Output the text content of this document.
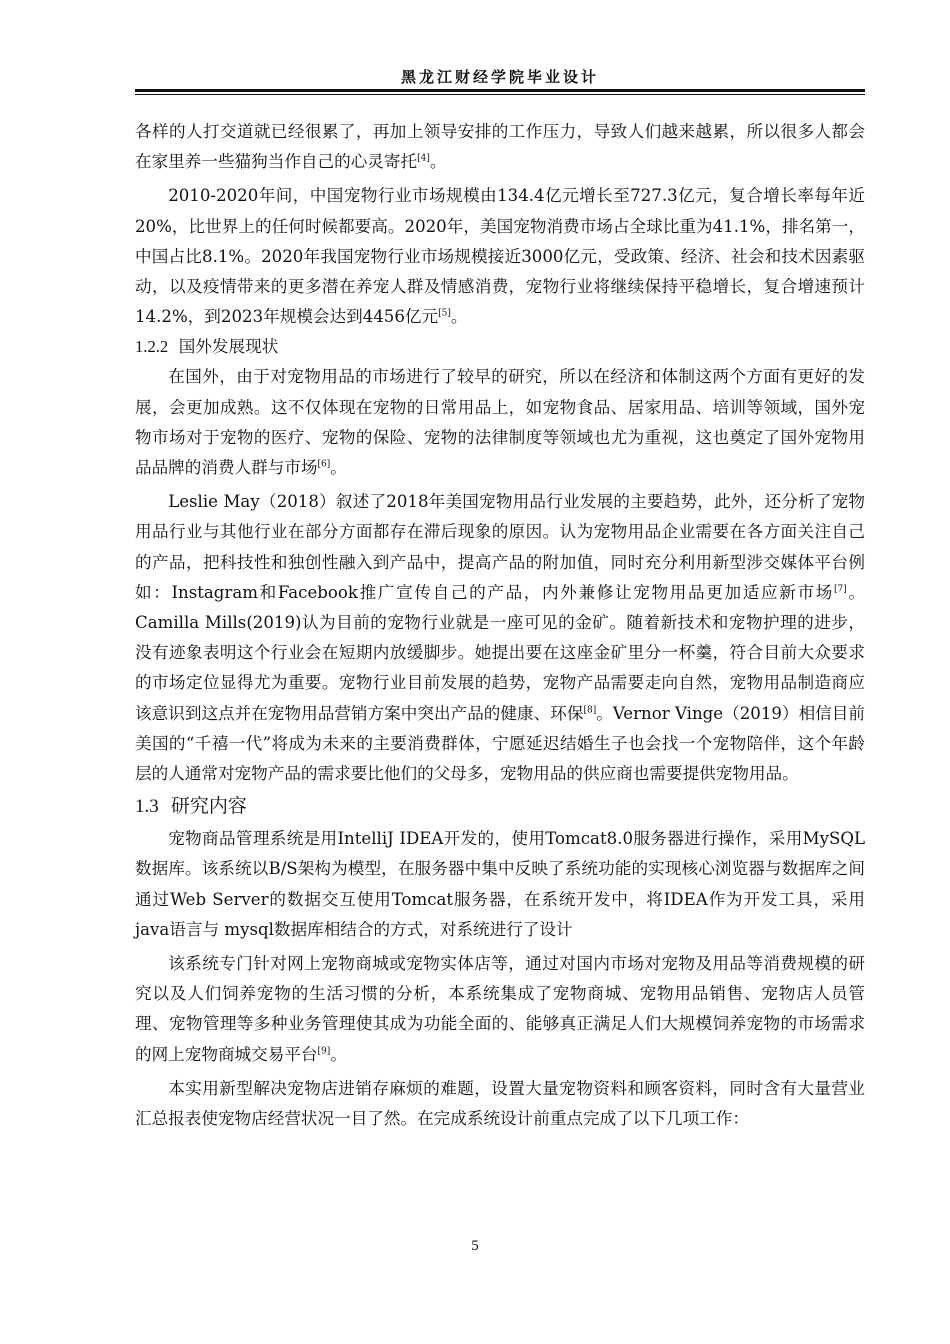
黑龙江财经学院毕业设计

各样的人打交道就已经很累了，再加上领导安排的工作压力，导致人们越来越累，所以很多人都会在家里养一些猫狗当作自己的心灵寄托[4]。

2010-2020年间，中国宠物行业市场规模由134.4亿元增长至727.3亿元，复合增长率每年近20%，比世界上的任何时候都要高。2020年，美国宠物消费市场占全球比重为41.1%，排名第一，中国占比8.1%。2020年我国宠物行业市场规模接近3000亿元，受政策、经济、社会和技术因素驱动，以及疫情带来的更多潜在养宠人群及情感消费，宠物行业将继续保持平稳增长，复合增速预计14.2%，到2023年规模会达到4456亿元[5]。

1.2.2 国外发展现状

在国外，由于对宠物用品的市场进行了较早的研究，所以在经济和体制这两个方面有更好的发展，会更加成熟。这不仅体现在宠物的日常用品上，如宠物食品、居家用品、培训等领域，国外宠物市场对于宠物的医疗、宠物的保险、宠物的法律制度等领域也尤为重视，这也奠定了国外宠物用品品牌的消费人群与市场[6]。

Leslie May（2018）叙述了2018年美国宠物用品行业发展的主要趋势，此外，还分析了宠物用品行业与其他行业在部分方面都存在滞后现象的原因。认为宠物用品企业需要在各方面关注自己的产品，把科技性和独创性融入到产品中，提高产品的附加值，同时充分利用新型涉交媒体平台例如：Instagram和Facebook推广宣传自己的产品，内外兼修让宠物用品更加适应新市场[7]。Camilla Mills(2019)认为目前的宠物行业就是一座可见的金矿。随着新技术和宠物护理的进步，没有迹象表明这个行业会在短期内放缓脚步。她提出要在这座金矿里分一杯羹，符合目前大众要求的市场定位显得尤为重要。宠物行业目前发展的趋势，宠物产品需要走向自然，宠物用品制造商应该意识到这点并在宠物用品营销方案中突出产品的健康、环保[8]。Vernor Vinge（2019）相信目前美国的“千禧一代”将成为未来的主要消费群体，宁愿延迟结婚生子也会找一个宠物陪伴，这个年龄层的人通常对宠物产品的需求要比他们的父母多，宠物用品的供应商也需要提供宠物用品。

1.3 研究内容

宠物商品管理系统是用IntelliJ IDEA开发的，使用Tomcat8.0服务器进行操作，采用MySQL数据库。该系统以B/S架构为模型，在服务器中集中反映了系统功能的实现核心浏览器与数据库之间通过Web Server的数据交互使用Tomcat服务器，在系统开发中，将IDEA作为开发工具，采用 java语言与 mysql数据库相结合的方式，对系统进行了设计

该系统专门针对网上宠物商城或宠物实体店等，通过对国内市场对宠物及用品等消费规模的研究以及人们饲养宠物的生活习惯的分析，本系统集成了宠物商城、宠物用品销售、宠物店人员管理、宠物管理等多种业务管理使其成为功能全面的、能够真正满足人们大规模饲养宠物的市场需求的网上宠物商城交易平台[9]。

本实用新型解决宠物店进销存麻烦的难题，设置大量宠物资料和顾客资料，同时含有大量营业汇总报表使宠物店经营状况一目了然。在完成系统设计前重点完成了以下几项工作：

5
